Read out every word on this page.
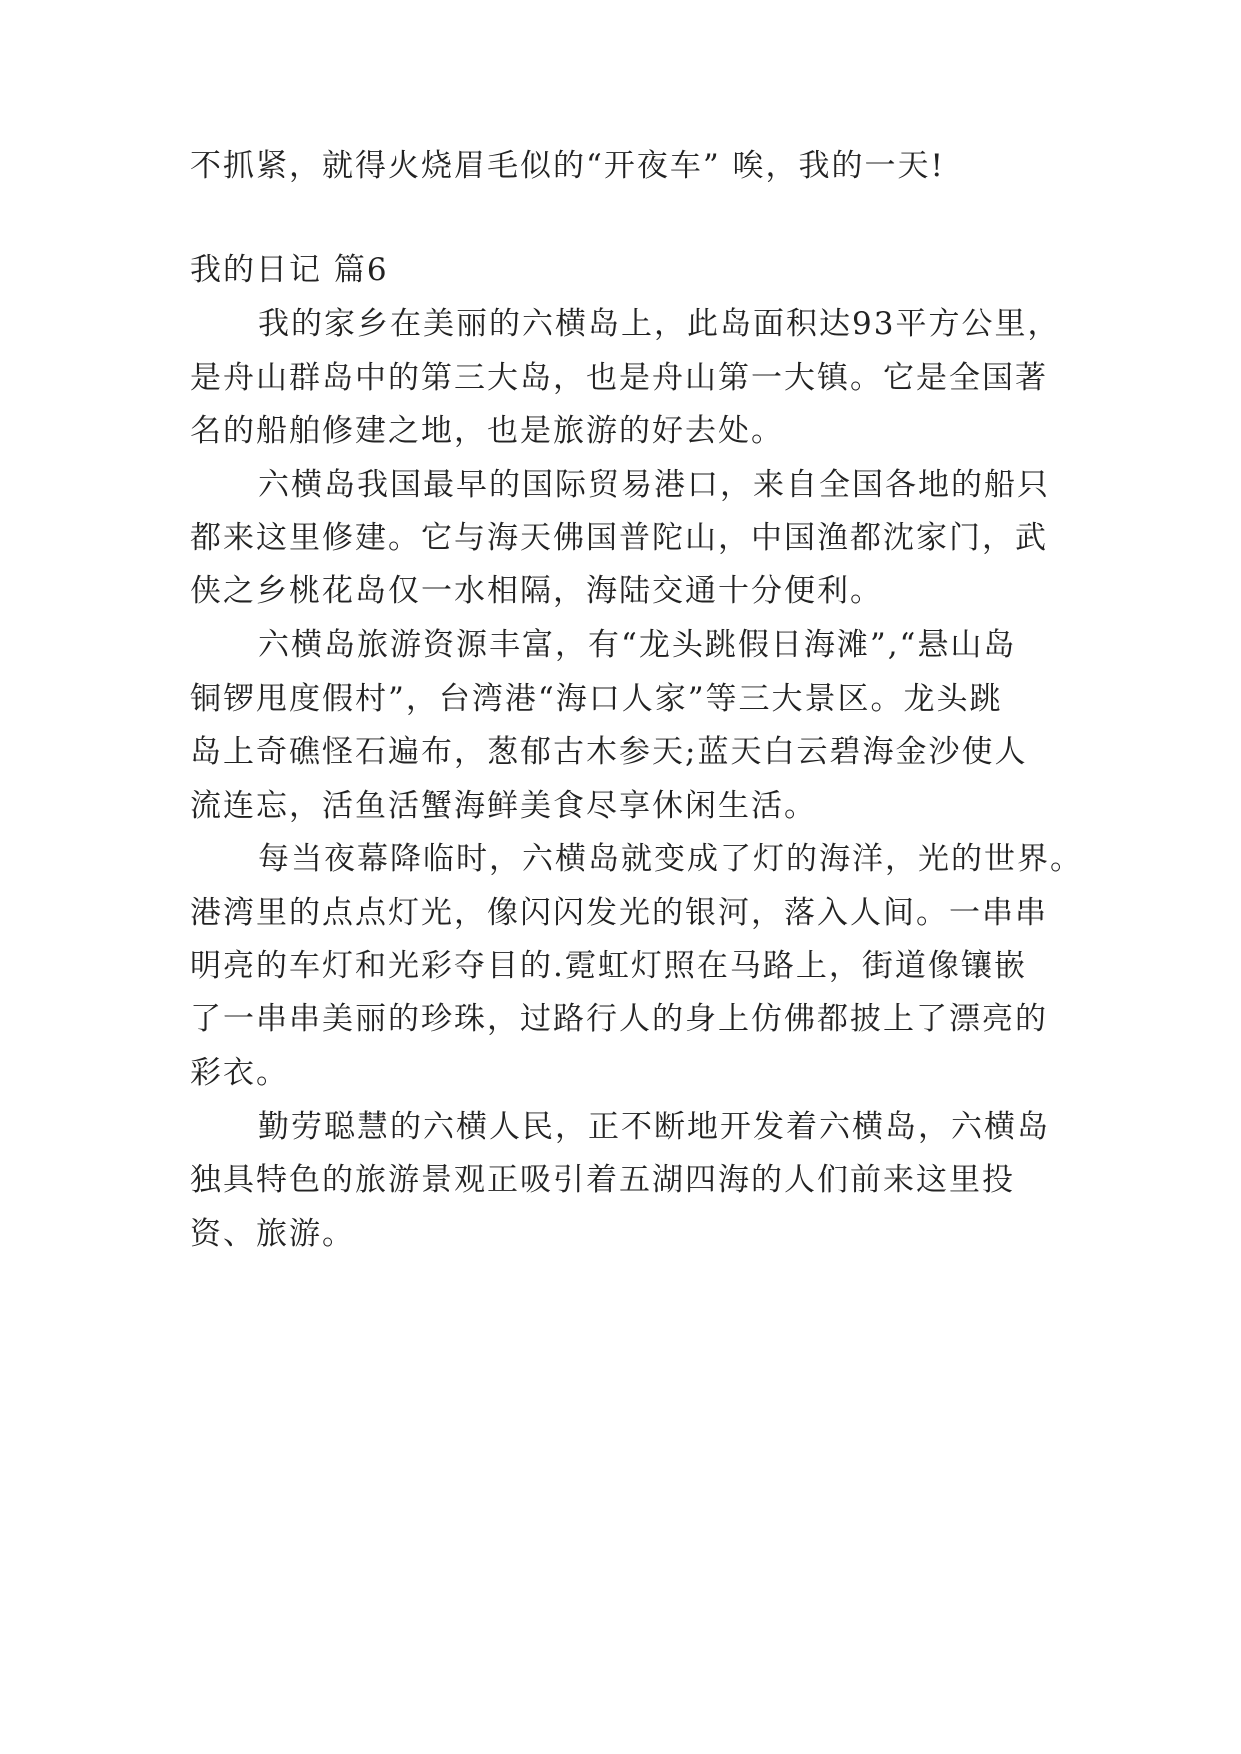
不抓紧，就得火烧眉毛似的“开夜车” 唉，我的一天!
我的日记 篇6
我的家乡在美丽的六横岛上，此岛面积达93平方公里，
是舟山群岛中的第三大岛，也是舟山第一大镇。它是全国著
名的船舶修建之地，也是旅游的好去处。
六横岛我国最早的国际贸易港口，来自全国各地的船只
都来这里修建。它与海天佛国普陀山，中国渔都沈家门，武
侠之乡桃花岛仅一水相隔，海陆交通十分便利。
六横岛旅游资源丰富，有“龙头跳假日海滩”,“悬山岛
铜锣甩度假村”，台湾港“海口人家”等三大景区。龙头跳
岛上奇礁怪石遍布，葱郁古木参天;蓝天白云碧海金沙使人
流连忘，活鱼活蟹海鲜美食尽享休闲生活。
每当夜幕降临时，六横岛就变成了灯的海洋，光的世界。
港湾里的点点灯光，像闪闪发光的银河，落入人间。一串串
明亮的车灯和光彩夺目的.霓虹灯照在马路上，街道像镶嵌
了一串串美丽的珍珠，过路行人的身上仿佛都披上了漂亮的
彩衣。
勤劳聪慧的六横人民，正不断地开发着六横岛，六横岛
独具特色的旅游景观正吸引着五湖四海的人们前来这里投
资、旅游。
